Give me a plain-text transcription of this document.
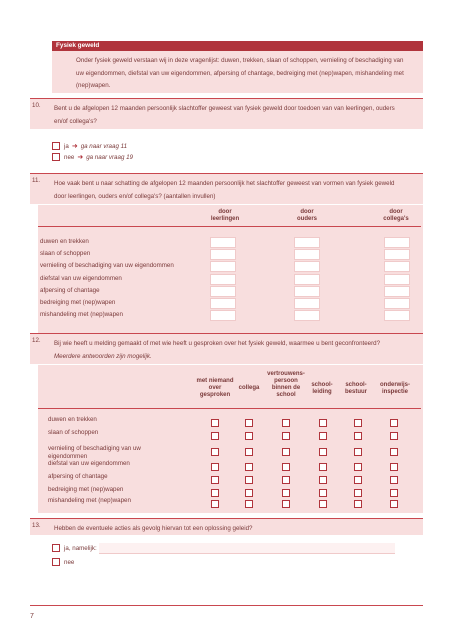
Fysiek geweld
Onder fysiek geweld verstaan wij in deze vragenlijst: duwen, trekken, slaan of schoppen, vernieling of beschadiging van
uw eigendommen, diefstal van uw eigendommen, afpersing of chantage, bedreiging met (nep)wapen, mishandeling met
(nep)wapen.
10. Bent u de afgelopen 12 maanden persoonlijk slachtoffer geweest van fysiek geweld door toedoen van van leerlingen, ouders
en/of collega's?
ja ➜ ga naar vraag 11
nee ➜ ga naar vraag 19
11. Hoe vaak bent u naar schatting de afgelopen 12 maanden persoonlijk het slachtoffer geweest van vormen van fysiek geweld
door leerlingen, ouders en/of collega's? (aantallen invullen)
door
leerlingen
door
ouders
door
collega's
duwen en trekken
slaan of schoppen
vernieling of beschadiging van uw eigendommen
diefstal van uw eigendommen
afpersing of chantage
bedreiging met (nep)wapen
mishandeling met (nep)wapen
12. Bij wie heeft u melding gemaakt of met wie heeft u gesproken over het fysiek geweld, waarmee u bent geconfronteerd?
Meerdere antwoorden zijn mogelijk.
met niemand
over
gesproken
collega
vertrouwens-
persoon
binnen de
school
school-
leiding
school-
bestuur
onderwijs-
inspectie
duwen en trekken
slaan of schoppen
vernieling of beschadiging van uw
eigendommen
diefstal van uw eigendommen
afpersing of chantage
bedreiging met (nep)wapen
mishandeling met (nep)wapen
13. Hebben de eventuele acties als gevolg hiervan tot een oplossing geleid?
ja, namelijk:
nee
7
